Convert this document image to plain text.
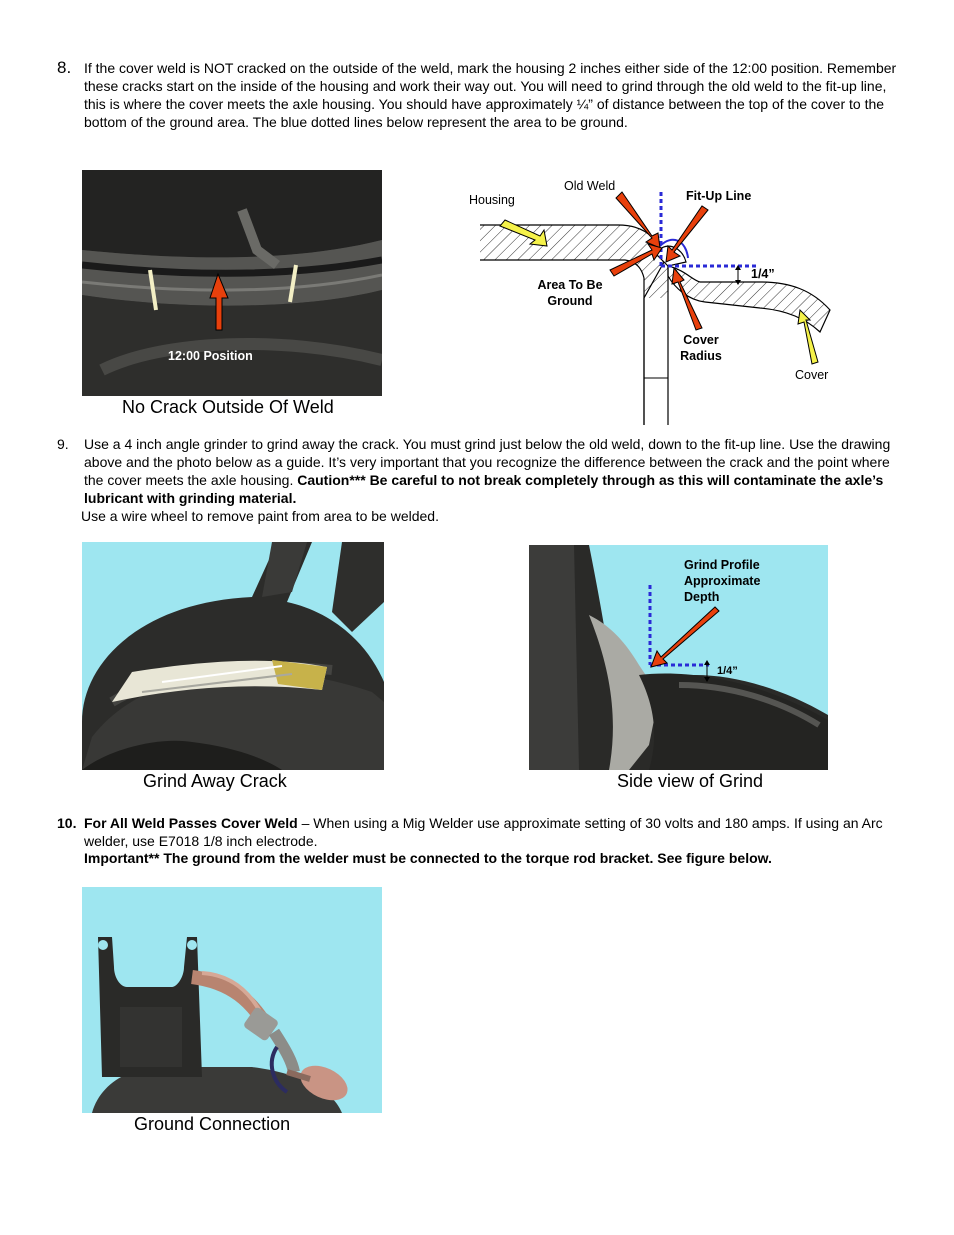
8. If the cover weld is NOT cracked on the outside of the weld, mark the housing 2 inches either side of the 12:00 position. Remember these cracks start on the inside of the housing and work their way out. You will need to grind through the old weld to the fit-up line, this is where the cover meets the axle housing. You should have approximately ¼” of distance between the top of the cover to the bottom of the ground area. The blue dotted lines below represent the area to be ground.
12:00 Position
No Crack Outside Of Weld
Housing
Old Weld
Fit-Up Line
1/4”
Area To Be
Ground
Cover
Radius
Cover
9. Use a 4 inch angle grinder to grind away the crack. You must grind just below the old weld, down to the fit-up line. Use the drawing above and the photo below as a guide. It’s very important that you recognize the difference between the crack and the point where the cover meets the axle housing. Caution*** Be careful to not break completely through as this will contaminate the axle’s lubricant with grinding material.
Use a wire wheel to remove paint from area to be welded.
Grind Away Crack
Grind Profile
Approximate
Depth
1/4”
Side view of Grind
10. For All Weld Passes Cover Weld – When using a Mig Welder use approximate setting of 30 volts and 180 amps. If using an Arc welder, use E7018 1/8 inch electrode.
Important** The ground from the welder must be connected to the torque rod bracket. See figure below.
Ground Connection
